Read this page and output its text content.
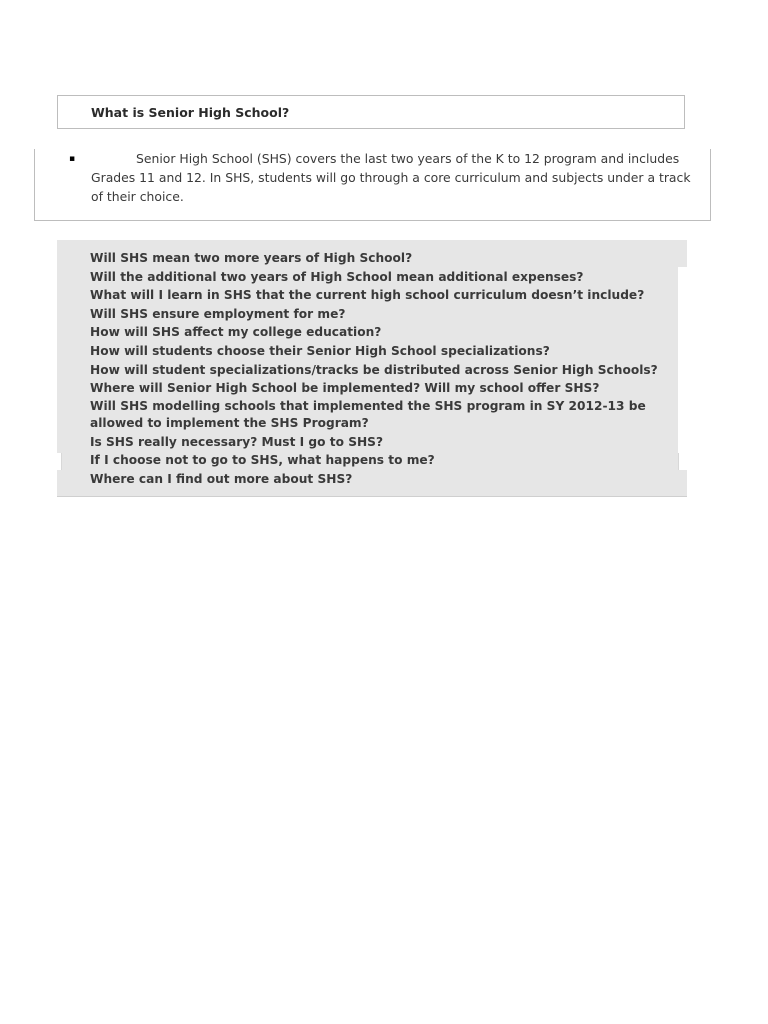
What is Senior High School?
▪	Senior High School (SHS) covers the last two years of the K to 12 program and includes Grades 11 and 12. In SHS, students will go through a core curriculum and subjects under a track of their choice.

Will SHS mean two more years of High School?
Will the additional two years of High School mean additional expenses?
What will I learn in SHS that the current high school curriculum doesn’t include?
Will SHS ensure employment for me?
How will SHS affect my college education?
How will students choose their Senior High School specializations?
How will student specializations/tracks be distributed across Senior High Schools?
Where will Senior High School be implemented? Will my school offer SHS?
Will SHS modelling schools that implemented the SHS program in SY 2012-13 be allowed to implement the SHS Program?
Is SHS really necessary? Must I go to SHS?
If I choose not to go to SHS, what happens to me?
Where can I find out more about SHS?
